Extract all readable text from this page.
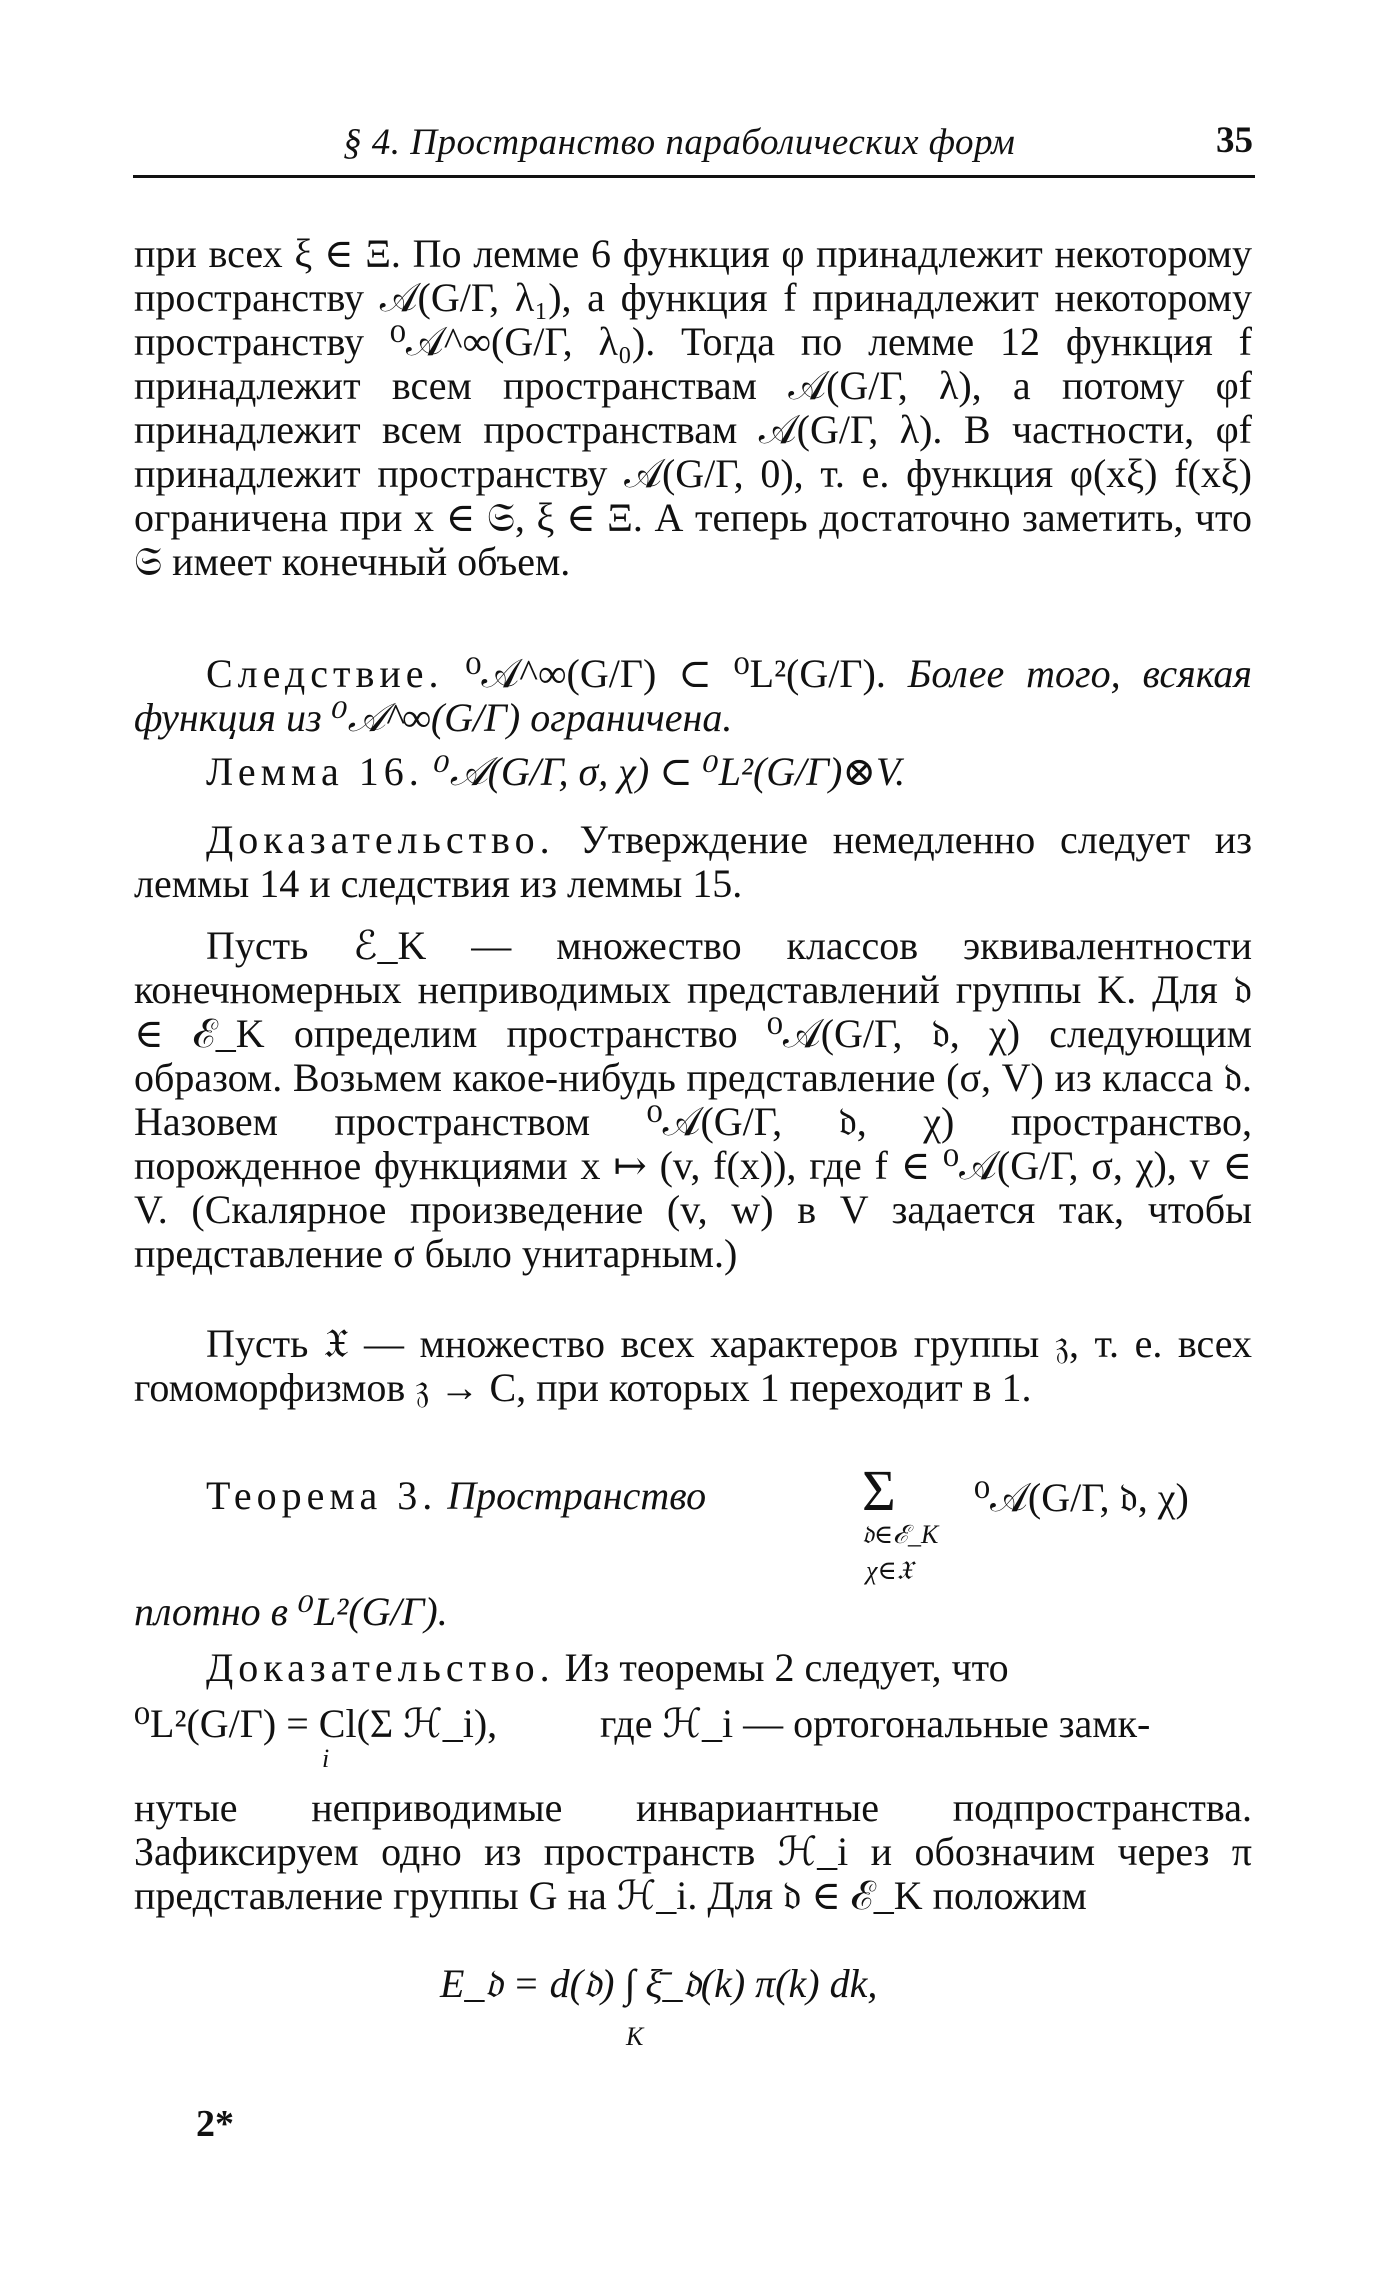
§ 4. Пространство параболических форм	35
при всех ξ ∈ Ξ. По лемме 6 функция φ принадлежит некоторому пространству 𝒜(G/Γ, λ₁), а функция f принадлежит некоторому пространству ⁰𝒜^∞(G/Γ, λ₀). Тогда по лемме 12 функция f принадлежит всем пространствам 𝒜(G/Γ, λ), а потому φf принадлежит всем пространствам 𝒜(G/Γ, λ). В частности, φf принадлежит пространству 𝒜(G/Γ, 0), т. е. функция φ(xξ) f(xξ) ограничена при x ∈ 𝔖, ξ ∈ Ξ. А теперь достаточно заметить, что 𝔖 имеет конечный объем.
Следствие. ⁰𝒜^∞(G/Γ) ⊂ ⁰L²(G/Γ). Более того, всякая функция из ⁰𝒜^∞(G/Γ) ограничена.
Лемма 16. ⁰𝒜(G/Γ, σ, χ) ⊂ ⁰L²(G/Γ)⊗V.
Доказательство. Утверждение немедленно следует из леммы 14 и следствия из леммы 15.
Пусть ℰ_K — множество классов эквивалентности конечномерных неприводимых представлений группы K. Для 𝔡 ∈ ℰ_K определим пространство ⁰𝒜(G/Γ, 𝔡, χ) следующим образом. Возьмем какое-нибудь представление (σ, V) из класса 𝔡. Назовем пространством ⁰𝒜(G/Γ, 𝔡, χ) пространство, порожденное функциями x ↦ (v, f(x)), где f ∈ ⁰𝒜(G/Γ, σ, χ), v ∈ V. (Скалярное произведение (v, w) в V задается так, чтобы представление σ было унитарным.)
Пусть 𝔛 — множество всех характеров группы 𝔷, т. е. всех гомоморфизмов 𝔷 → C, при которых 1 переходит в 1.
Теорема 3. Пространство	Σ ⁰𝒜(G/Γ, 𝔡, χ)
𝔡∈ℰ_K
χ∈𝔛
плотно в ⁰L²(G/Γ).
Доказательство. Из теоремы 2 следует, что
⁰L²(G/Γ) = Cl(Σ ℋ_i),
i
где ℋ_i — ортогональные замк-
нутые неприводимые инвариантные подпространства. Зафиксируем одно из пространств ℋ_i и обозначим через π представление группы G на ℋ_i. Для 𝔡 ∈ ℰ_K положим
E_𝔡 = d(𝔡) ∫ ξ̄_𝔡(k) π(k) dk,
K
2*
